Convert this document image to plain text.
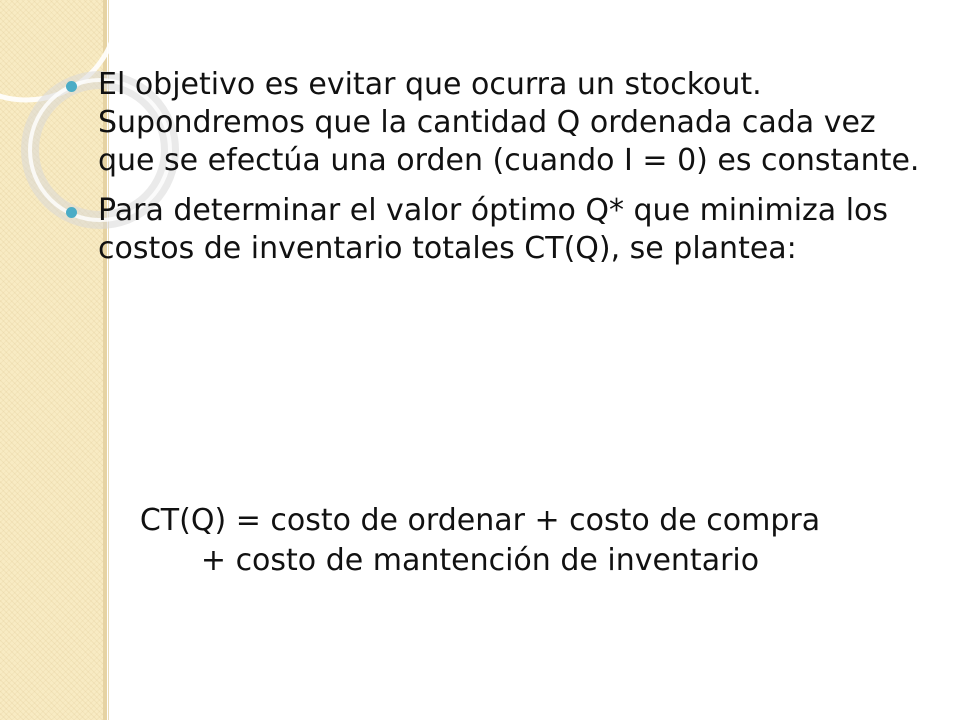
El objetivo es evitar que ocurra un stockout. Supondremos que la cantidad Q ordenada cada vez que se efectúa una orden (cuando I = 0) es constante.
Para determinar el valor óptimo Q* que minimiza los costos de inventario totales CT(Q), se plantea:
CT(Q) = costo de ordenar + costo de compra
+ costo de mantención de inventario
